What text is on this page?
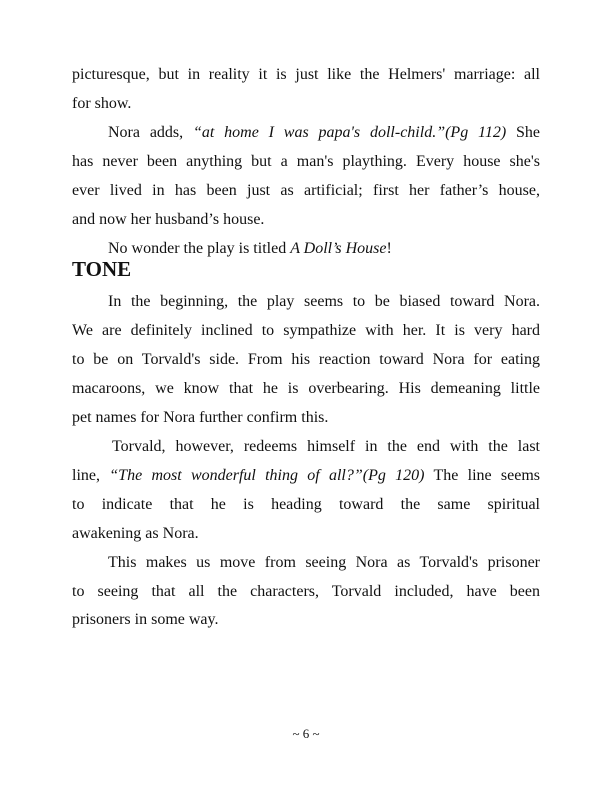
TONE
~ 6 ~
picturesque, but in reality it is just like the Helmers' marriage: all
for show.
Nora adds, “at home I was papa's doll-child.”(Pg 112) She
has never been anything but a man's plaything. Every house she's
ever lived in has been just as artificial; first her father’s house,
and now her husband’s house.
No wonder the play is titled A Doll’s House!
In the beginning, the play seems to be biased toward Nora.
We are definitely inclined to sympathize with her. It is very hard
to be on Torvald's side. From his reaction toward Nora for eating
macaroons, we know that he is overbearing. His demeaning little
pet names for Nora further confirm this.
Torvald, however, redeems himself in the end with the last
line, “The most wonderful thing of all?”(Pg 120) The line seems
to indicate that he is heading toward the same spiritual
awakening as Nora.
This makes us move from seeing Nora as Torvald's prisoner
to seeing that all the characters, Torvald included, have been
prisoners in some way.
